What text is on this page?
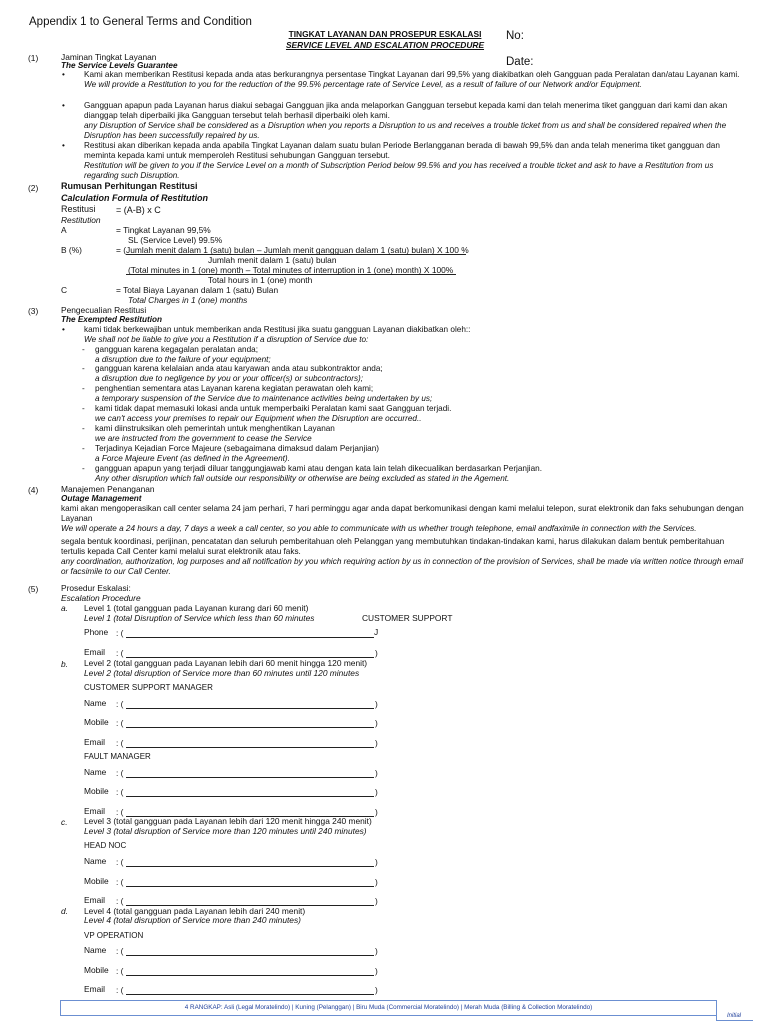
Appendix 1 to General Terms and Condition
TINGKAT LAYANAN DAN PROSEPUR ESKALASI
SERVICE LEVEL AND ESCALATION PROCEDURE
No:
Date:
(1)	Jaminan Tingkat Layanan
The Service Levels Guarantee
• Kami akan memberikan Restitusi kepada anda atas berkurangnya persentase Tingkat Layanan dari 99,5% yang diakibatkan oleh Gangguan pada Peralatan dan/atau Layanan kami.

We will provide a Restitution to you for the reduction of the 99.5% percentage rate of Service Level, as a result of failure of our Network and/or Equipment.

• Gangguan apapun pada Layanan harus diakui sebagai Gangguan jika anda melaporkan Gangguan tersebut kepada kami dan telah menerima tiket gangguan dari kami dan akan dianggap telah diperbaiki jika Gangguan tersebut telah berhasil diperbaiki oleh kami.

any Disruption of Service shall be considered as a Disruption when you reports a Disruption to us and receives a trouble ticket from us and shall be considered repaired when the Disruption has been successfully repaired by us.

• Restitusi akan diberikan kepada anda apabila Tingkat Layanan dalam suatu bulan Periode Berlangganan berada di bawah 99,5% dan anda telah menerima tiket gangguan dan meminta kepada kami untuk memperoleh Restitusi sehubungan Gangguan tersebut.

Restitution will be given to you if the Service Level on a month of Subscription Period below 99.5% and you has received a trouble ticket and ask to have a Restitution from us regarding such Disruption.

(2)	Rumusan Perhitungan Restitusi
Calculation Formula of Restitution
Restitusi
Restitution
= (A-B) x C
A	= Tingkat Layanan 99,5%
SL (Service Level) 99.5%
B (%)	= (Jumlah menit dalam 1 (satu) bulan – Jumlah menit gangguan dalam 1 (satu) bulan) X 100 %
Jumlah menit dalam 1 (satu) bulan
(Total minutes in 1 (one) month – Total minutes of interruption in 1 (one) month) X 100%
Total hours in 1 (one) month
C	= Total Biaya Layanan dalam 1 (satu) Bulan
Total Charges in 1 (one) months
(3)	Pengecualian Restitusi
The Exempted Restitution
• kami tidak berkewajiban untuk memberikan anda Restitusi jika suatu gangguan Layanan diakibatkan oleh::

We shall not be liable to give you a Restitution if a disruption of Service due to:

- gangguan karena kegagalan peralatan anda;

a disruption due to the failure of your equipment;

- gangguan karena kelalaian anda atau karyawan anda atau subkontraktor anda;

a disruption due to negligence by you or your officer(s) or subcontractors);

- penghentian sementara atas Layanan karena kegiatan perawatan oleh kami;

a temporary suspension of the Service due to maintenance activities being undertaken by us;

- kami tidak dapat memasuki lokasi anda untuk memperbaiki Peralatan kami saat Gangguan terjadi.

we can't access your premises to repair our Equipment when the Disruption are occurred..

- kami diinstruksikan oleh pemerintah untuk menghentikan Layanan

we are instructed from the government to cease the Service

- Terjadinya Kejadian Force Majeure (sebagaimana dimaksud dalam Perjanjian)

a Force Majeure Event (as defined in the Agreement).

- gangguan apapun yang terjadi diluar tanggungjawab kami atau dengan kata lain telah dikecualikan berdasarkan Perjanjian.

Any other disruption which fall outside our responsibility or otherwise are being excluded as stated in the Agement.

(4)	Manajemen Penanganan
Outage Management

kami akan mengoperasikan call center selama 24 jam perhari, 7 hari perminggu agar anda dapat berkomunikasi dengan kami melalui telepon, surat elektronik dan faks sehubungan dengan Layanan

We will operate a 24 hours a day, 7 days a week a call center, so you able to communicate with us whether trough telephone, email andfaximile in connection with the Services.

segala bentuk koordinasi, perijinan, pencatatan dan seluruh pemberitahuan oleh Pelanggan yang membutuhkan tindakan-tindakan kami, harus dilakukan dalam bentuk pemberitahuan tertulis kepada Call Center kami melalui surat elektronik atau faks.

any coordination, authorization, log purposes and all notification by you which requiring action by us in connection of the provision of Services, shall be made via written notice through email or facsimile to our Call Center.

(5)	Prosedur Eskalasi:
Escalation Procedure
a. Level 1 (total gangguan pada Layanan kurang dari 60 menit)
Level 1 (total Disruption of Service which less than 60 minutes	CUSTOMER SUPPORT
Phone : (	J
Email : (	)
b. Level 2 (total gangguan pada Layanan lebih dari 60 menit hingga 120 menit)
Level 2 (total disruption of Service more than 60 minutes until 120 minutes
CUSTOMER SUPPORT MANAGER
Name : (	)
Mobile : (	)
Email : (	)
FAULT MANAGER
Name : (	)
Mobile : (	)
Email : (	)
c. Level 3 (total gangguan pada Layanan lebih dari 120 menit hingga 240 menit)
Level 3 (total disruption of Service more than 120 minutes until 240 minutes)
HEAD NOC
Name : (	)
Mobile : (	)
Email : (	)
d. Level 4 (total gangguan pada Layanan lebih dari 240 menit)
Level 4 (total disruption of Service more than 240 minutes)
VP OPERATION
Name : (	)
Mobile : (	)
Email : (	)
4 RANGKAP: Asli (Legal Moratelindo) | Kuning (Pelanggan) | Biru Muda (Commercial Moratelindo) | Merah Muda (Billing & Collection Moratelindo)
Initial
